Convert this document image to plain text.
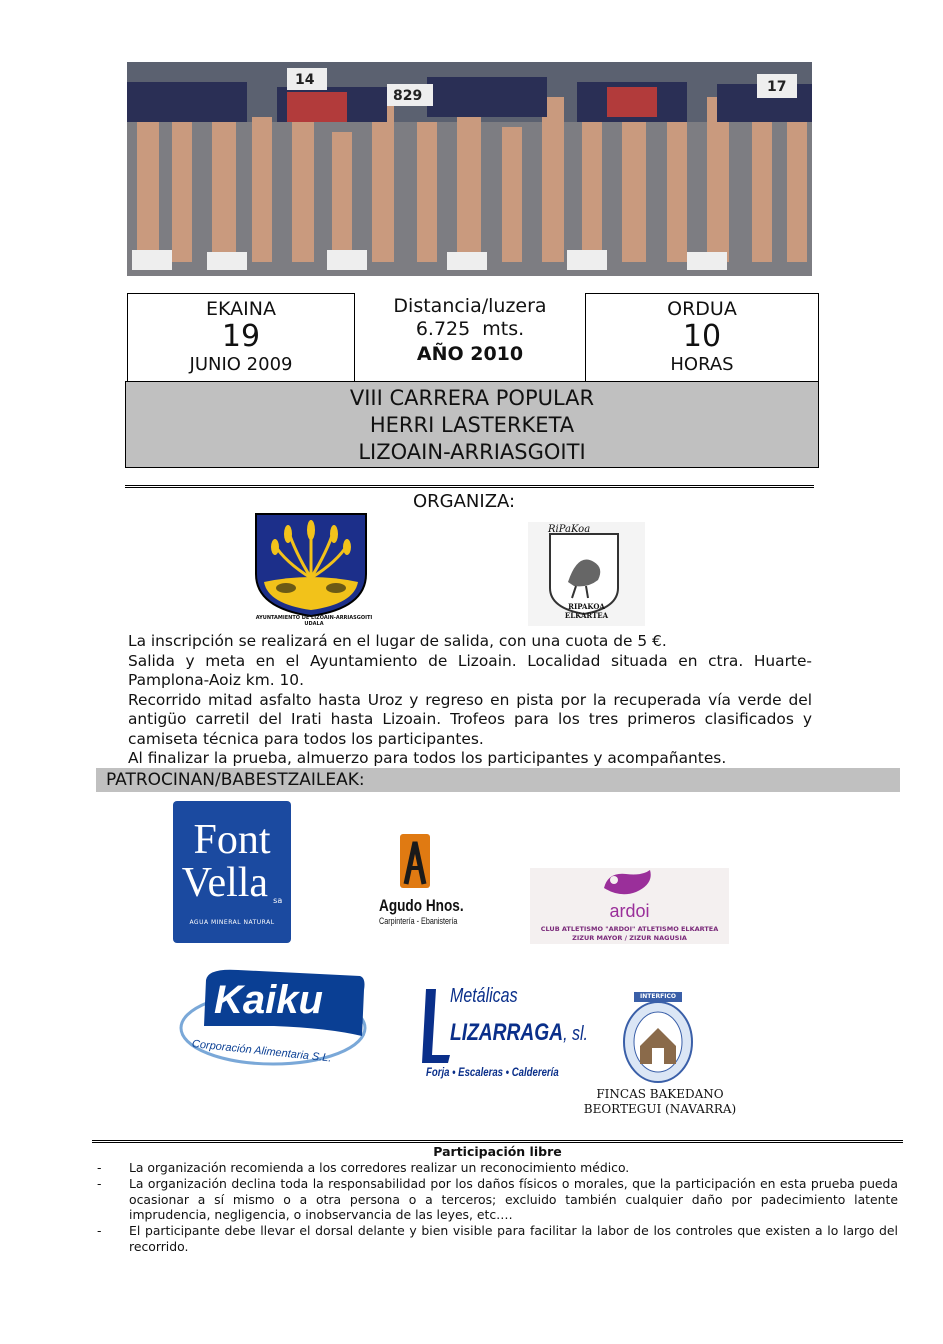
829
17
14
EKAINA
19
JUNIO 2009
Distancia/luzera
6.725  mts.
AÑO 2010
ORDUA
10
HORAS
VIII CARRERA POPULAR
HERRI LASTERKETA
LIZOAIN-ARRIASGOITI
ORGANIZA:
AYUNTAMIENTO DE LIZOAIN-ARRIASGOITI UDALA
RiPaKoa
RIPAKOA
ELKARTEA

La inscripción se realizará en el lugar de salida, con una cuota de 5 €.

Salida y meta en el Ayuntamiento de Lizoain. Localidad situada en ctra. Huarte-Pamplona-Aoiz km. 10.

Recorrido mitad asfalto hasta Uroz y regreso en pista por la recuperada vía verde del antigüo carretil del Irati hasta Lizoain. Trofeos para los tres primeros clasificados y camiseta técnica para todos los participantes.

Al finalizar la prueba, almuerzo para todos los participantes y acompañantes.

PATROCINAN/BABESTZAILEAK:
Font
Vella sa
AGUA MINERAL NATURAL
Agudo Hnos.
Carpintería - Ebanistería	ardoi
CLUB ATLETISMO "ARDOI" ATLETISMO ELKARTEA
ZIZUR MAYOR / ZIZUR NAGUSIA
Kaiku
Corporación Alimentaria S.L.
Metálicas
LIZARRAGA, sl.
Forja • Escaleras • Calderería
INTERFICO
FINCAS BAKEDANO
BEORTEGUI (NAVARRA)
Participación libre
-	La organización recomienda a los corredores realizar un reconocimiento médico.
-	La organización declina toda la responsabilidad por los daños físicos o morales, que la participación en esta prueba pueda ocasionar a sí mismo o a otra persona o a terceros; excluido también cualquier daño por padecimiento latente imprudencia, negligencia, o inobservancia de las leyes, etc….
-	El participante debe llevar el dorsal delante y bien visible para facilitar la labor de los controles que existen a lo largo del recorrido.
